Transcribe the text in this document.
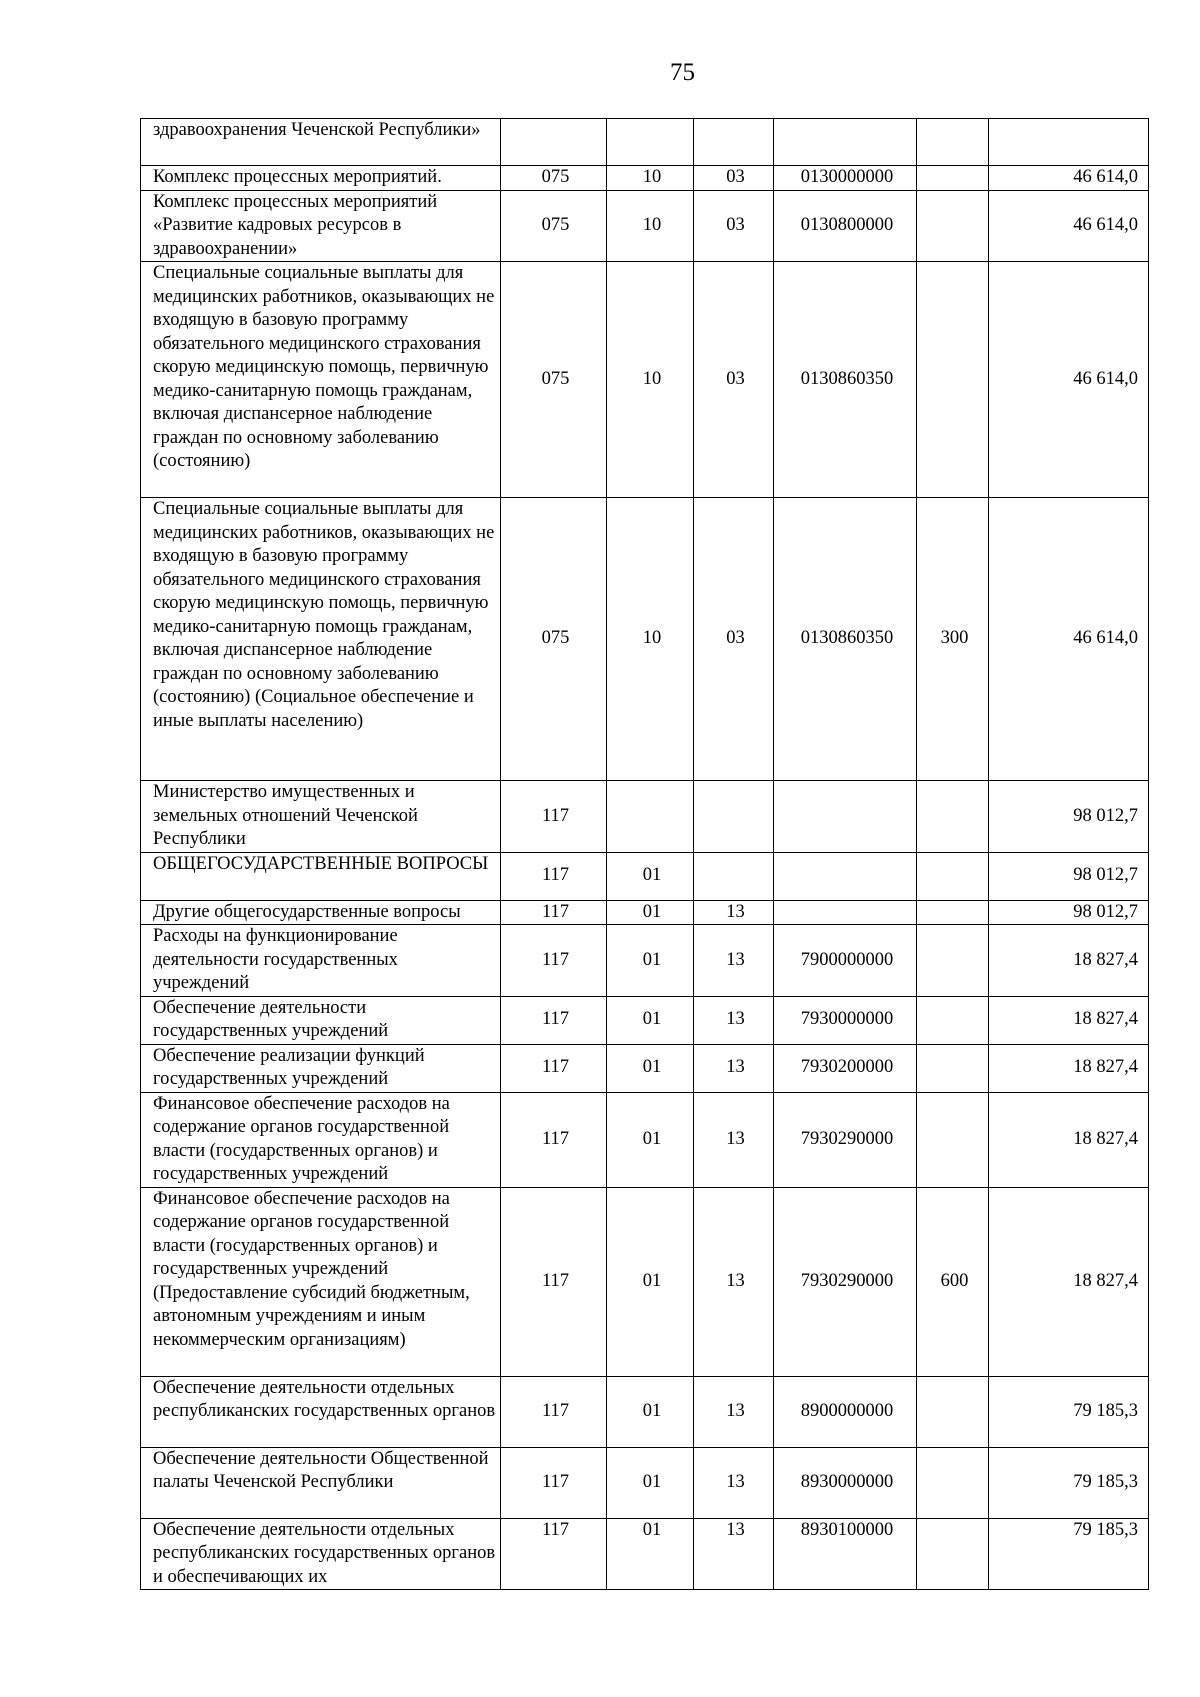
75
здравоохранения Чеченской Республики»						
Комплекс процессных мероприятий.	075	10	03	0130000000		46 614,0
Комплекс процессных мероприятий «Развитие кадровых ресурсов в здравоохранении»	075	10	03	0130800000		46 614,0
Специальные социальные выплаты для медицинских работников, оказывающих не входящую в базовую программу обязательного медицинского страхования скорую медицинскую помощь, первичную медико-санитарную помощь гражданам, включая диспансерное наблюдение граждан по основному заболеванию (состоянию)	075	10	03	0130860350		46 614,0
Специальные социальные выплаты для медицинских работников, оказывающих не входящую в базовую программу обязательного медицинского страхования скорую медицинскую помощь, первичную медико-санитарную помощь гражданам, включая диспансерное наблюдение граждан по основному заболеванию (состоянию) (Социальное обеспечение и иные выплаты населению)	075	10	03	0130860350	300	46 614,0
Министерство имущественных и земельных отношений Чеченской Республики	117					98 012,7
ОБЩЕГОСУДАРСТВЕННЫЕ ВОПРОСЫ	117	01				98 012,7
Другие общегосударственные вопросы	117	01	13			98 012,7
Расходы на функционирование деятельности государственных учреждений	117	01	13	7900000000		18 827,4
Обеспечение деятельности государственных учреждений	117	01	13	7930000000		18 827,4
Обеспечение реализации функций государственных учреждений	117	01	13	7930200000		18 827,4
Финансовое обеспечение расходов на содержание органов государственной власти (государственных органов) и государственных учреждений	117	01	13	7930290000		18 827,4
Финансовое обеспечение расходов на содержание органов государственной власти (государственных органов) и государственных учреждений (Предоставление субсидий бюджетным, автономным учреждениям и иным некоммерческим организациям)	117	01	13	7930290000	600	18 827,4
Обеспечение деятельности отдельных республиканских государственных органов	117	01	13	8900000000		79 185,3
Обеспечение деятельности Общественной палаты Чеченской Республики	117	01	13	8930000000		79 185,3
Обеспечение деятельности отдельных республиканских государственных органов и обеспечивающих их	117	01	13	8930100000		79 185,3
